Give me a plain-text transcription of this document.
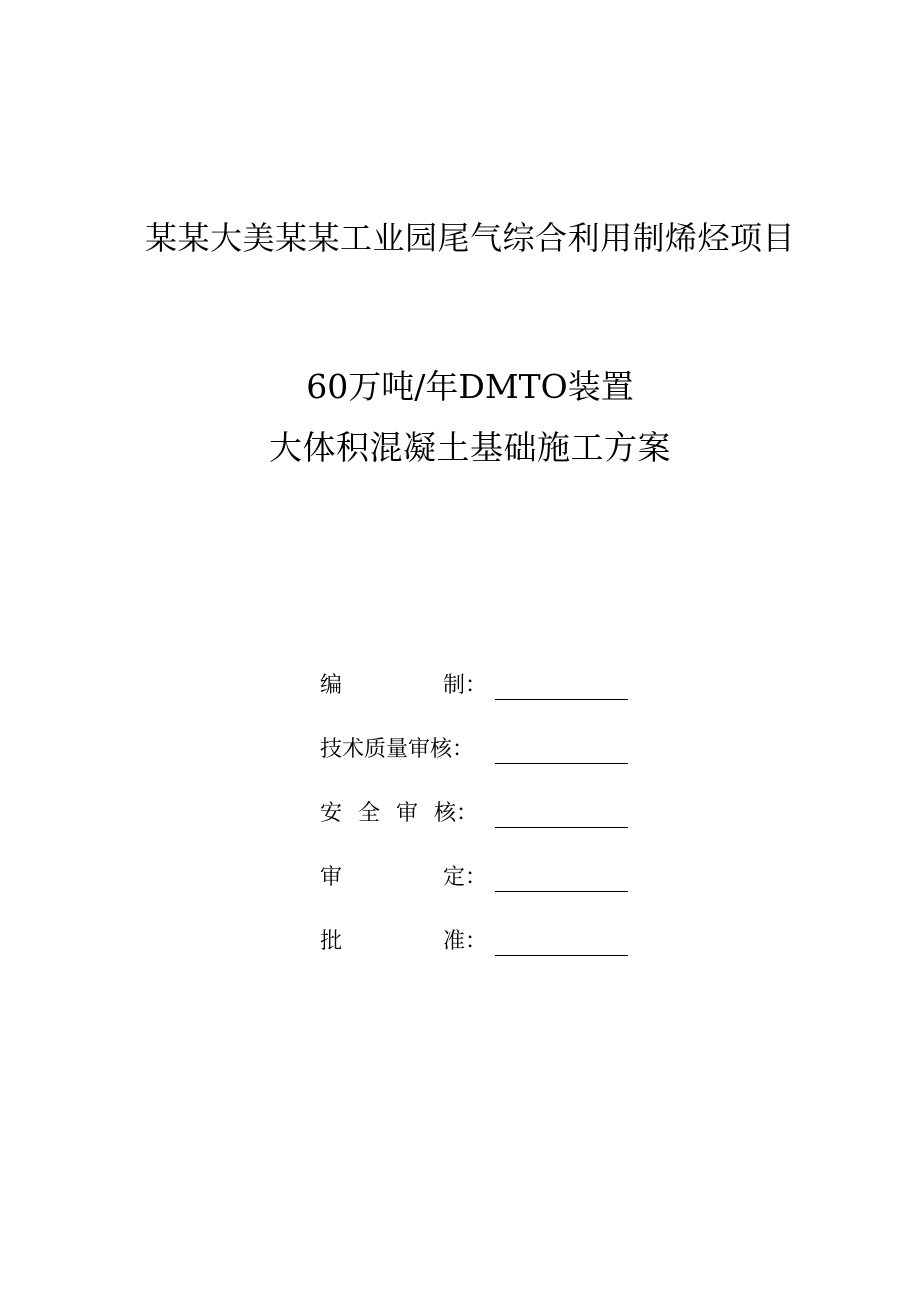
某某大美某某工业园尾气综合利用制烯烃项目
60万吨/年DMTO装置
大体积混凝土基础施工方案
编	制：
技术质量审核：
安 全 审 核：
审	定：
批	准：
